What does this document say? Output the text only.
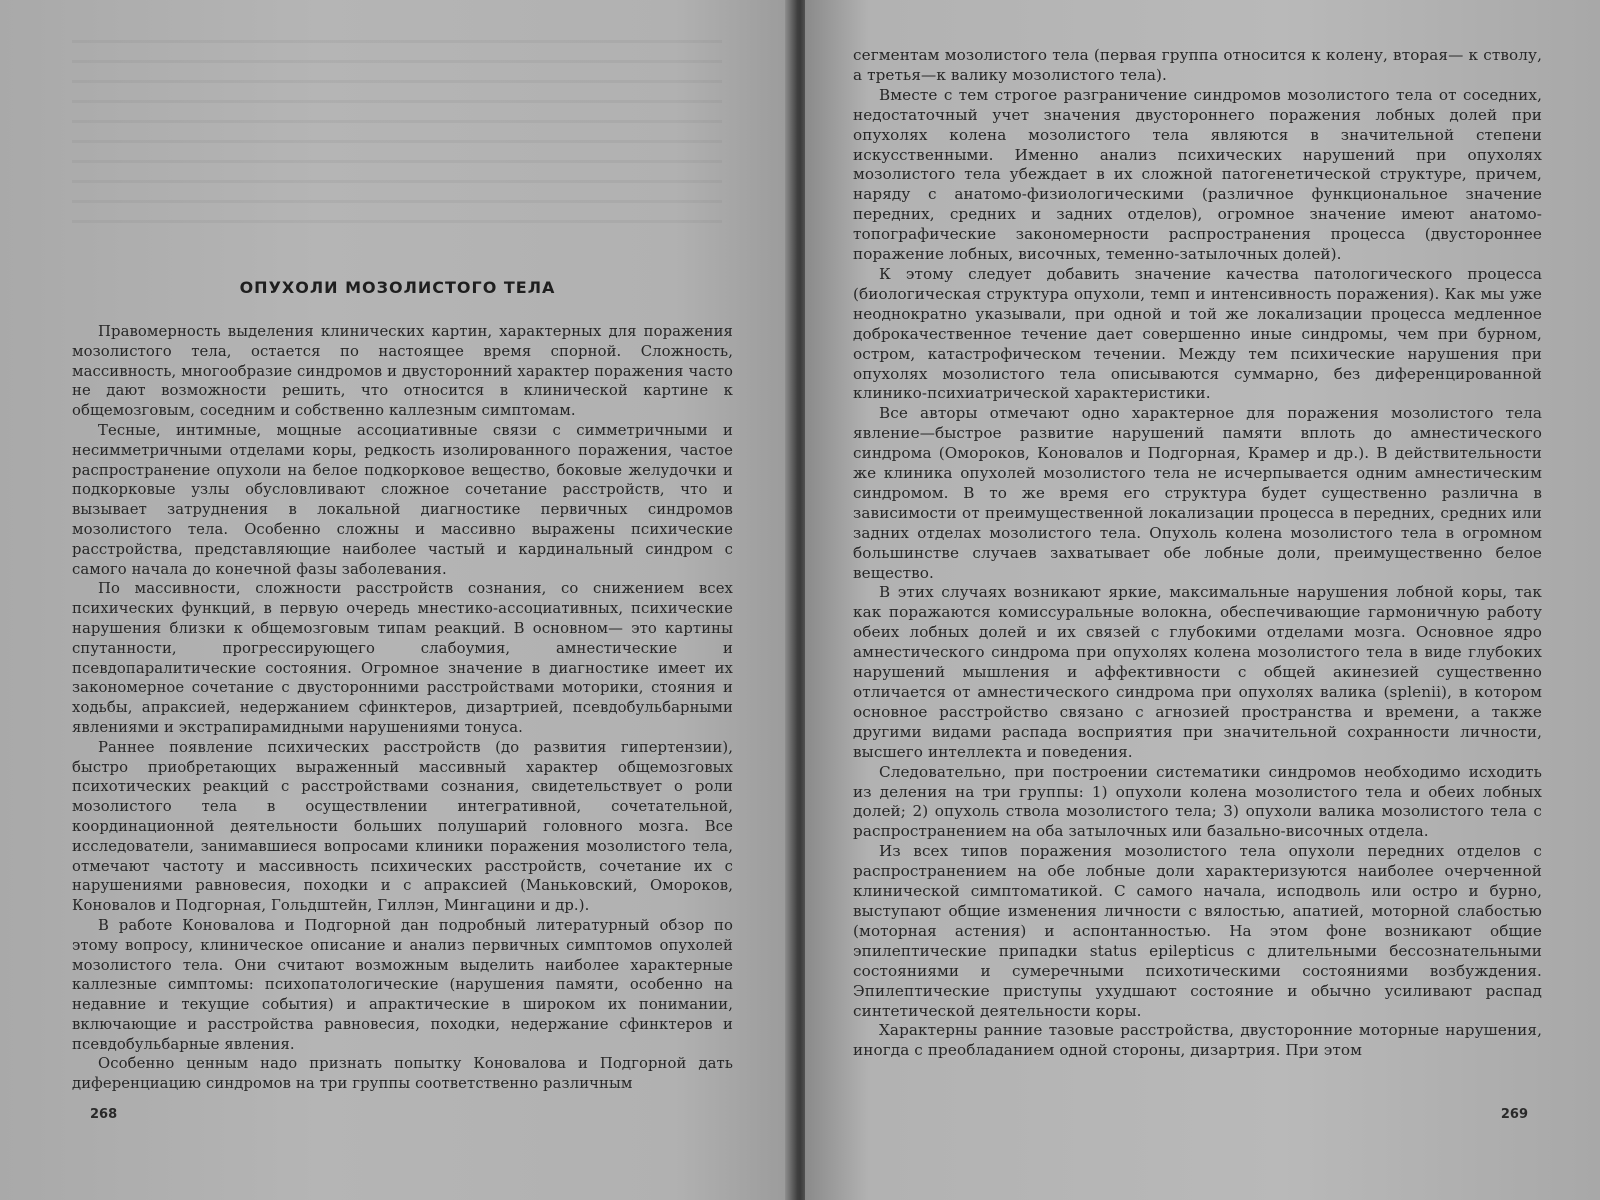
ОПУХОЛИ МОЗОЛИСТОГО ТЕЛА

Правомерность выделения клинических картин, характерных для поражения мозолистого тела, остается по настоящее время спорной. Сложность, массивность, многообразие синдромов и двусторонний характер поражения часто не дают возможности решить, что относится в клинической картине к общемозговым, соседним и собственно каллезным симптомам.

Тесные, интимные, мощные ассоциативные связи с симметричными и несимметричными отделами коры, редкость изолированного поражения, частое распространение опухоли на белое подкорковое вещество, боковые желудочки и подкорковые узлы обусловливают сложное сочетание расстройств, что и вызывает затруднения в локальной диагностике первичных синдромов мозолистого тела. Особенно сложны и массивно выражены психические расстройства, представляющие наиболее частый и кардинальный синдром с самого начала до конечной фазы заболевания.

По массивности, сложности расстройств сознания, со снижением всех психических функций, в первую очередь мнестико-ассоциативных, психические нарушения близки к общемозговым типам реакций. В основном— это картины спутанности, прогрессирующего слабоумия, амнестические и псевдопаралитические состояния. Огромное значение в диагностике имеет их закономерное сочетание с двусторонними расстройствами моторики, стояния и ходьбы, апраксией, недержанием сфинктеров, дизартрией, псевдобульбарными явлениями и экстрапирамидными нарушениями тонуса.

Раннее появление психических расстройств (до развития гипертензии), быстро приобретающих выраженный массивный характер общемозговых психотических реакций с расстройствами сознания, свидетельствует о роли мозолистого тела в осуществлении интегративной, сочетательной, координационной деятельности больших полушарий головного мозга. Все исследователи, занимавшиеся вопросами клиники поражения мозолистого тела, отмечают частоту и массивность психических расстройств, сочетание их с нарушениями равновесия, походки и с апраксией (Маньковский, Омороков, Коновалов и Подгорная, Гольдштейн, Гиллэн, Мингацини и др.).

В работе Коновалова и Подгорной дан подробный литературный обзор по этому вопросу, клиническое описание и анализ первичных симптомов опухолей мозолистого тела. Они считают возможным выделить наиболее характерные каллезные симптомы: психопатологические (нарушения памяти, особенно на недавние и текущие события) и апрактические в широком их понимании, включающие и расстройства равновесия, походки, недержание сфинктеров и псевдобульбарные явления.

Особенно ценным надо признать попытку Коновалова и Подгорной дать диференциацию синдромов на три группы соответственно различным

268

сегментам мозолистого тела (первая группа относится к колену, вторая— к стволу, а третья—к валику мозолистого тела).

Вместе с тем строгое разграничение синдромов мозолистого тела от соседних, недостаточный учет значения двустороннего поражения лобных долей при опухолях колена мозолистого тела являются в значительной степени искусственными. Именно анализ психических нарушений при опухолях мозолистого тела убеждает в их сложной патогенетической структуре, причем, наряду с анатомо-физиологическими (различное функциональное значение передних, средних и задних отделов), огромное значение имеют анатомо-топографические закономерности распространения процесса (двустороннее поражение лобных, височных, теменно-затылочных долей).

К этому следует добавить значение качества патологического процесса (биологическая структура опухоли, темп и интенсивность поражения). Как мы уже неоднократно указывали, при одной и той же локализации процесса медленное доброкачественное течение дает совершенно иные синдромы, чем при бурном, остром, катастрофическом течении. Между тем психические нарушения при опухолях мозолистого тела описываются суммарно, без диференцированной клинико-психиатрической характеристики.

Все авторы отмечают одно характерное для поражения мозолистого тела явление—быстрое развитие нарушений памяти вплоть до амнестического синдрома (Омороков, Коновалов и Подгорная, Крамер и др.). В действительности же клиника опухолей мозолистого тела не исчерпывается одним амнестическим синдромом. В то же время его структура будет существенно различна в зависимости от преимущественной локализации процесса в передних, средних или задних отделах мозолистого тела. Опухоль колена мозолистого тела в огромном большинстве случаев захватывает обе лобные доли, преимущественно белое вещество.

В этих случаях возникают яркие, максимальные нарушения лобной коры, так как поражаются комиссуральные волокна, обеспечивающие гармоничную работу обеих лобных долей и их связей с глубокими отделами мозга. Основное ядро амнестического синдрома при опухолях колена мозолистого тела в виде глубоких нарушений мышления и аффективности с общей акинезией существенно отличается от амнестического синдрома при опухолях валика (splenii), в котором основное расстройство связано с агнозией пространства и времени, а также другими видами распада восприятия при значительной сохранности личности, высшего интеллекта и поведения.

Следовательно, при построении систематики синдромов необходимо исходить из деления на три группы: 1) опухоли колена мозолистого тела и обеих лобных долей; 2) опухоль ствола мозолистого тела; 3) опухоли валика мозолистого тела с распространением на оба затылочных или базально-височных отдела.

Из всех типов поражения мозолистого тела опухоли передних отделов с распространением на обе лобные доли характеризуются наиболее очерченной клинической симптоматикой. С самого начала, исподволь или остро и бурно, выступают общие изменения личности с вялостью, апатией, моторной слабостью (моторная астения) и аспонтанностью. На этом фоне возникают общие эпилептические припадки status epilepticus с длительными бессознательными состояниями и сумеречными психотическими состояниями возбуждения. Эпилептические приступы ухудшают состояние и обычно усиливают распад синтетической деятельности коры.

Характерны ранние тазовые расстройства, двусторонние моторные нарушения, иногда с преобладанием одной стороны, дизартрия. При этом

269
